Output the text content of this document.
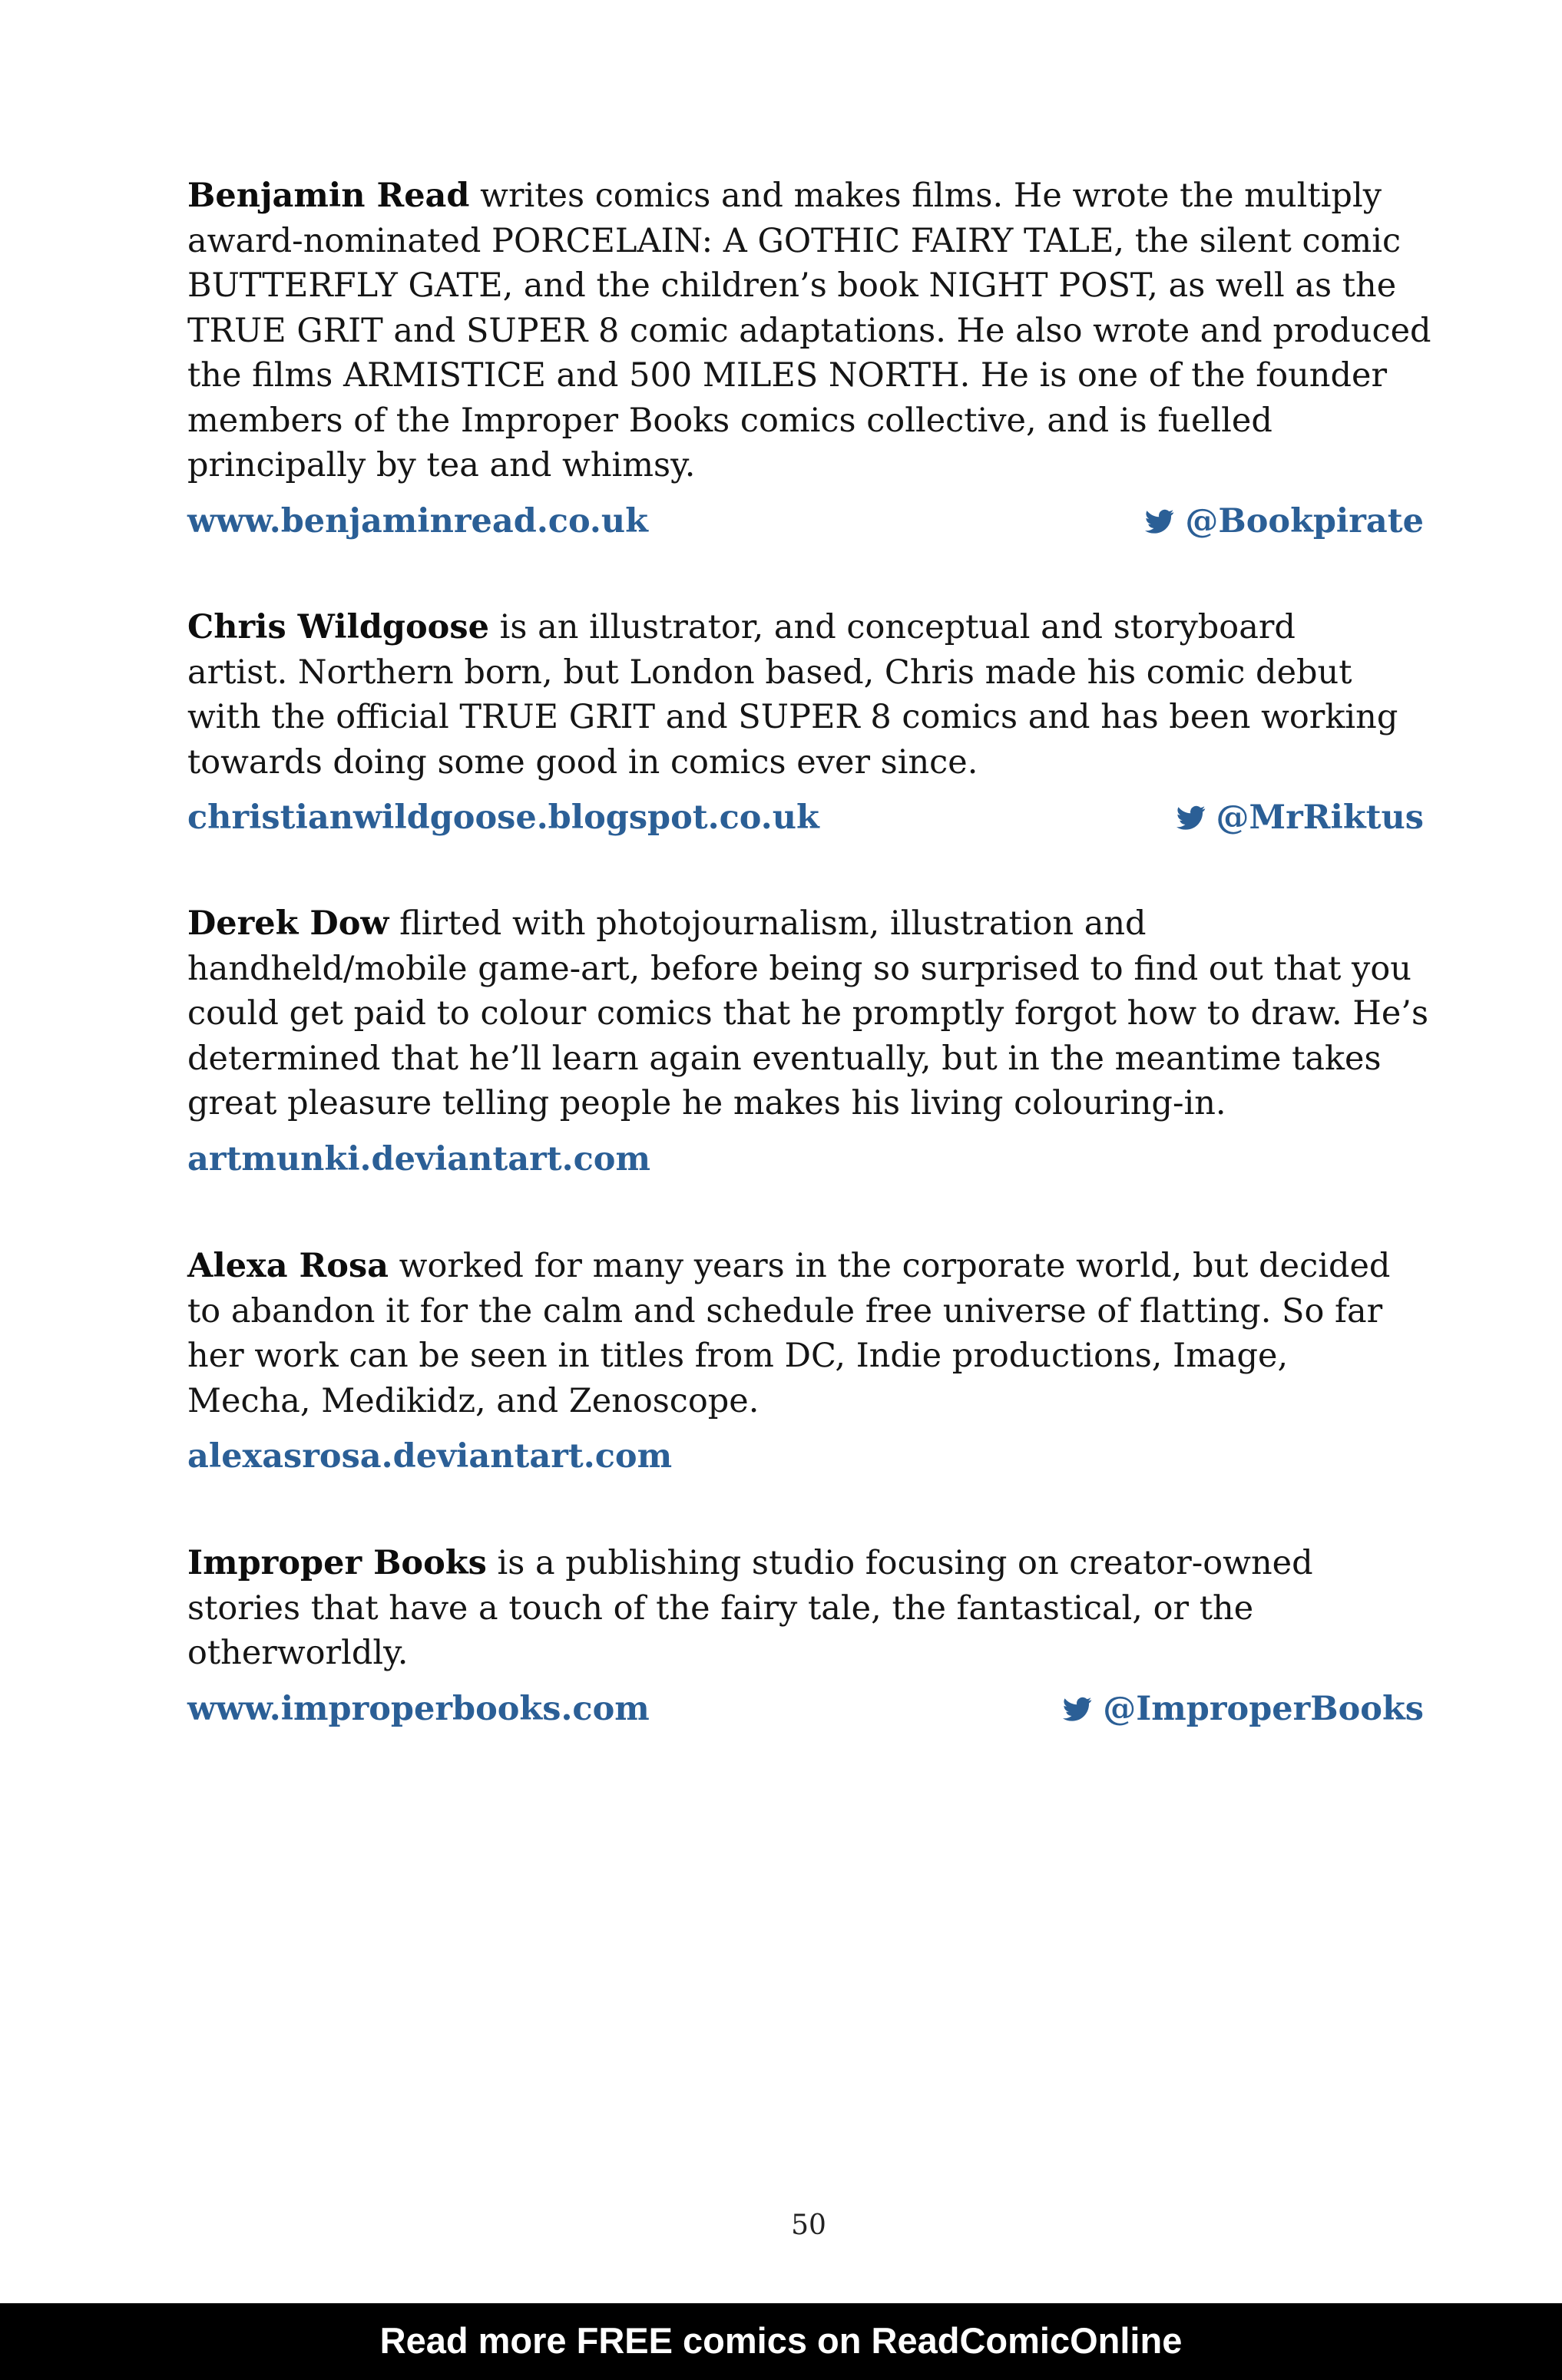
Benjamin Read writes comics and makes films. He wrote the multiply award-nominated PORCELAIN: A GOTHIC FAIRY TALE, the silent comic BUTTERFLY GATE, and the children’s book NIGHT POST, as well as the TRUE GRIT and SUPER 8 comic adaptations. He also wrote and produced the films ARMISTICE and 500 MILES NORTH. He is one of the founder members of the Improper Books comics collective, and is fuelled principally by tea and whimsy.

www.benjaminread.co.uk	@Bookpirate

Chris Wildgoose is an illustrator, and conceptual and storyboard artist. Northern born, but London based, Chris made his comic debut with the official TRUE GRIT and SUPER 8 comics and has been working towards doing some good in comics ever since.

christianwildgoose.blogspot.co.uk	@MrRiktus

Derek Dow flirted with photojournalism, illustration and handheld/mobile game-art, before being so surprised to find out that you could get paid to colour comics that he promptly forgot how to draw. He’s determined that he’ll learn again eventually, but in the meantime takes great pleasure telling people he makes his living colouring-in.

artmunki.deviantart.com

Alexa Rosa worked for many years in the corporate world, but decided to abandon it for the calm and schedule free universe of flatting. So far her work can be seen in titles from DC, Indie productions, Image, Mecha, Medikidz, and Zenoscope.

alexasrosa.deviantart.com

Improper Books is a publishing studio focusing on creator-owned stories that have a touch of the fairy tale, the fantastical, or the otherworldly.

www.improperbooks.com	@ImproperBooks
50
Read more FREE comics on ReadComicOnline
